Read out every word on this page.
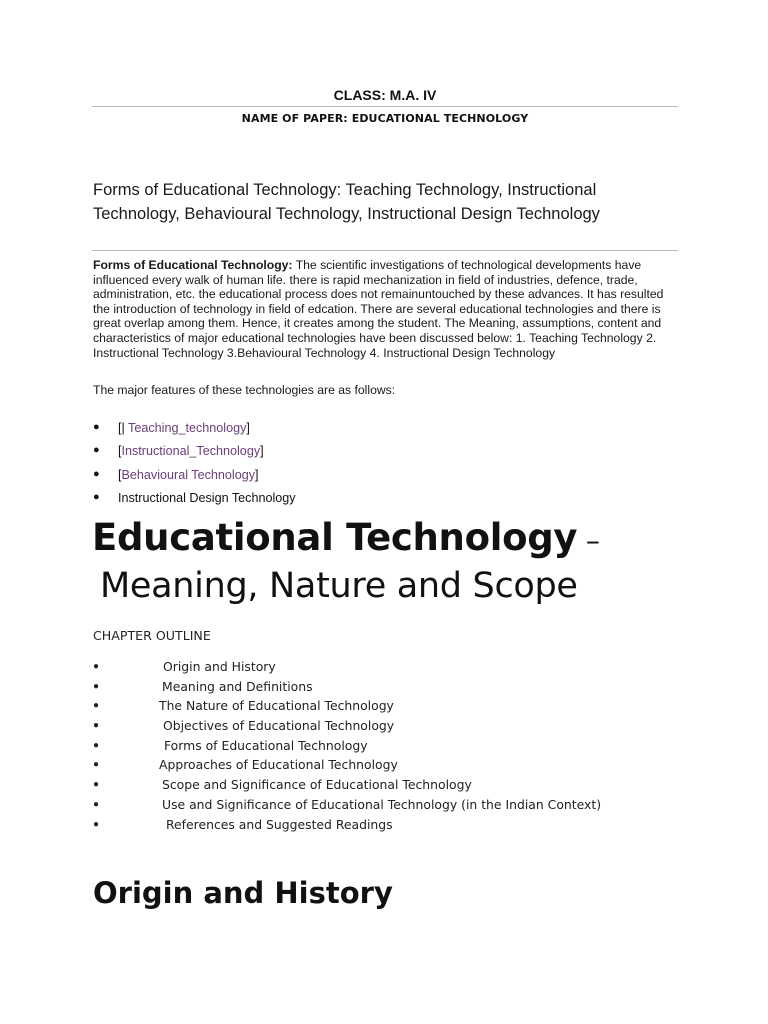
CLASS: M.A. IV
NAME OF PAPER: EDUCATIONAL TECHNOLOGY
Forms of Educational Technology: Teaching Technology, Instructional Technology, Behavioural Technology, Instructional Design Technology
Forms of Educational Technology: The scientific investigations of technological developments have influenced every walk of human life. there is rapid mechanization in field of industries, defence, trade, administration, etc. the educational process does not remainuntouched by these advances. It has resulted the introduction of technology in field of edcation. There are several educational technologies and there is great overlap among them. Hence, it creates among the student. The Meaning, assumptions, content and characteristics of major educational technologies have been discussed below: 1. Teaching Technology 2. Instructional Technology 3.Behavioural Technology 4. Instructional Design Technology
The major features of these technologies are as follows:
● [| Teaching_technology]
● [Instructional_Technology]
● [Behavioural Technology]
● Instructional Design Technology
Educational Technology –
Meaning, Nature and Scope
CHAPTER OUTLINE
●	Origin and History
●	Meaning and Definitions
●	The Nature of Educational Technology
●	Objectives of Educational Technology
●	Forms of Educational Technology
●	Approaches of Educational Technology
●	Scope and Significance of Educational Technology
●	Use and Significance of Educational Technology (in the Indian Context)
●	References and Suggested Readings
Origin and History
